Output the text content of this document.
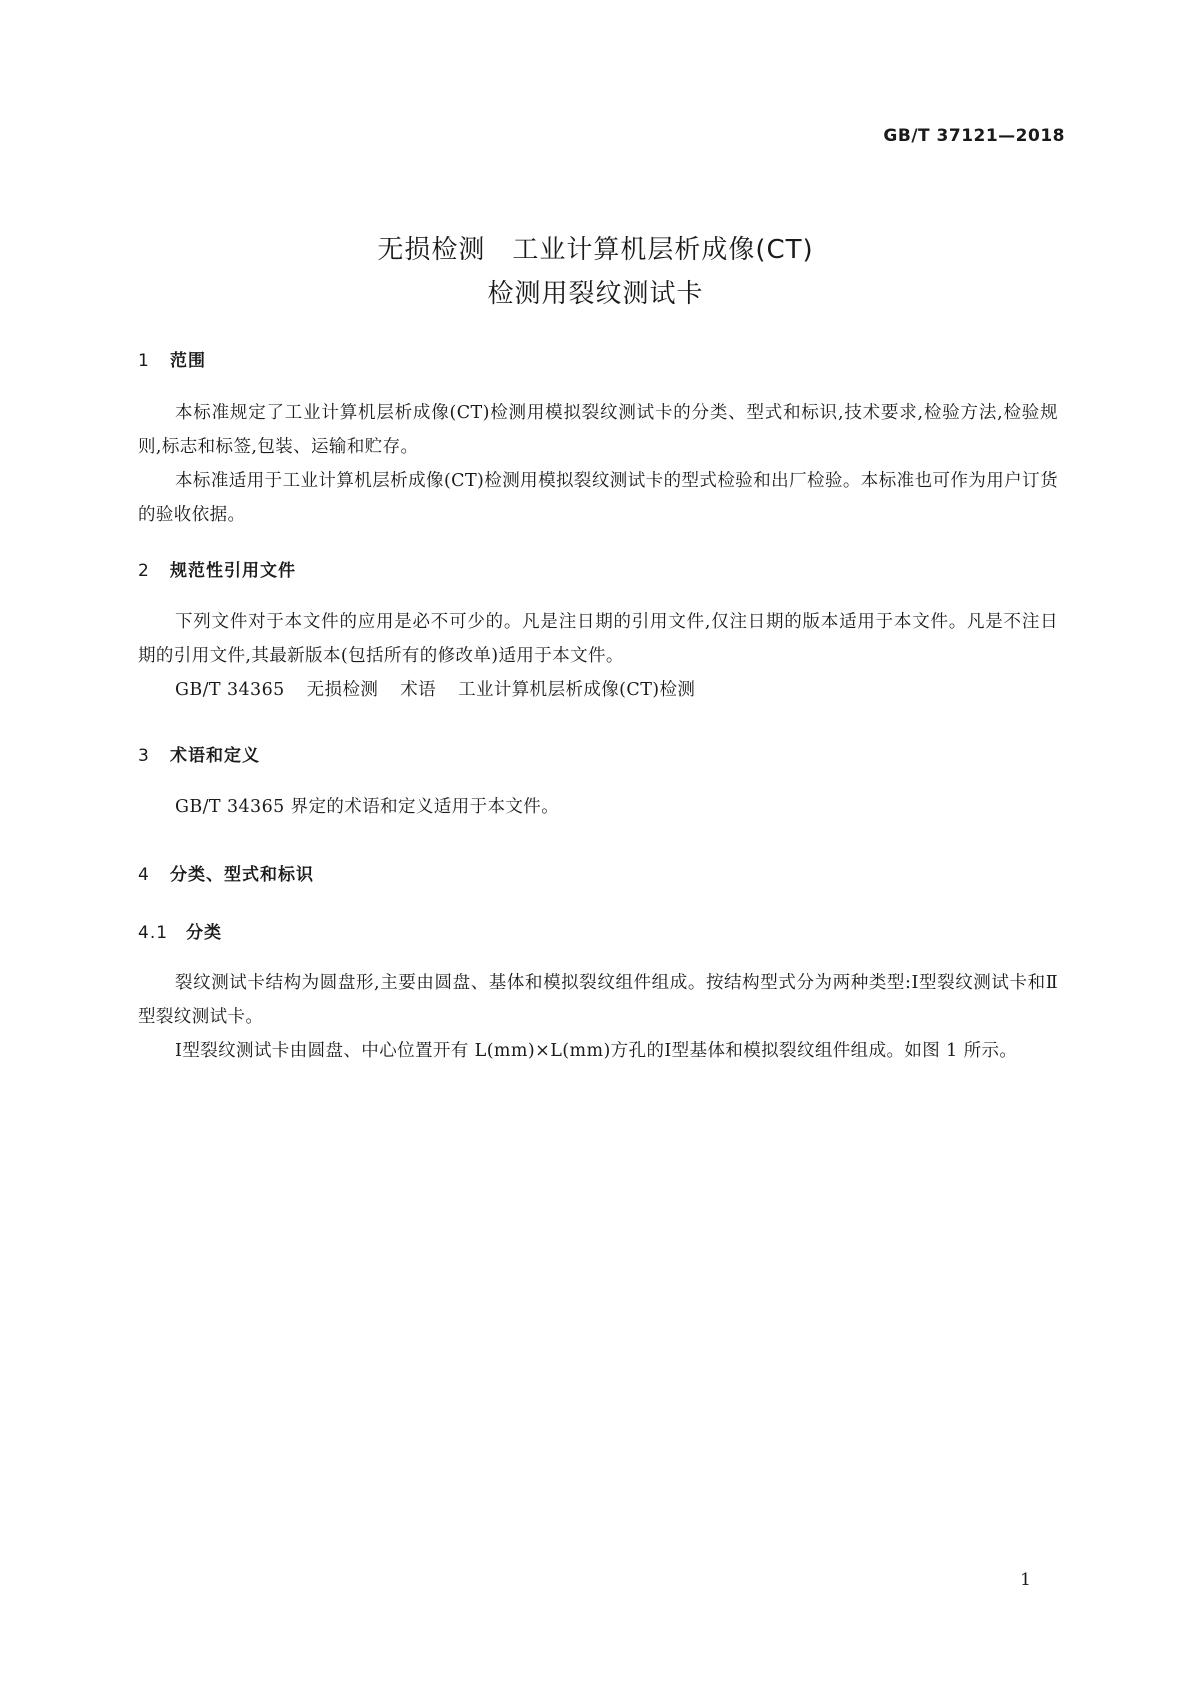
GB/T 37121—2018
无损检测　工业计算机层析成像(CT)
检测用裂纹测试卡
1 范围

本标准规定了工业计算机层析成像(CT)检测用模拟裂纹测试卡的分类、型式和标识,技术要求,检验方法,检验规则,标志和标签,包装、运输和贮存。

本标准适用于工业计算机层析成像(CT)检测用模拟裂纹测试卡的型式检验和出厂检验。本标准也可作为用户订货的验收依据。

2 规范性引用文件

下列文件对于本文件的应用是必不可少的。凡是注日期的引用文件,仅注日期的版本适用于本文件。凡是不注日期的引用文件,其最新版本(包括所有的修改单)适用于本文件。

GB/T 34365 无损检测 术语 工业计算机层析成像(CT)检测
3 术语和定义

GB/T 34365 界定的术语和定义适用于本文件。

4 分类、型式和标识
4.1 分类

裂纹测试卡结构为圆盘形,主要由圆盘、基体和模拟裂纹组件组成。按结构型式分为两种类型:Ⅰ型裂纹测试卡和Ⅱ型裂纹测试卡。

Ⅰ型裂纹测试卡由圆盘、中心位置开有 L(mm)×L(mm)方孔的Ⅰ型基体和模拟裂纹组件组成。如图 1 所示。

1
